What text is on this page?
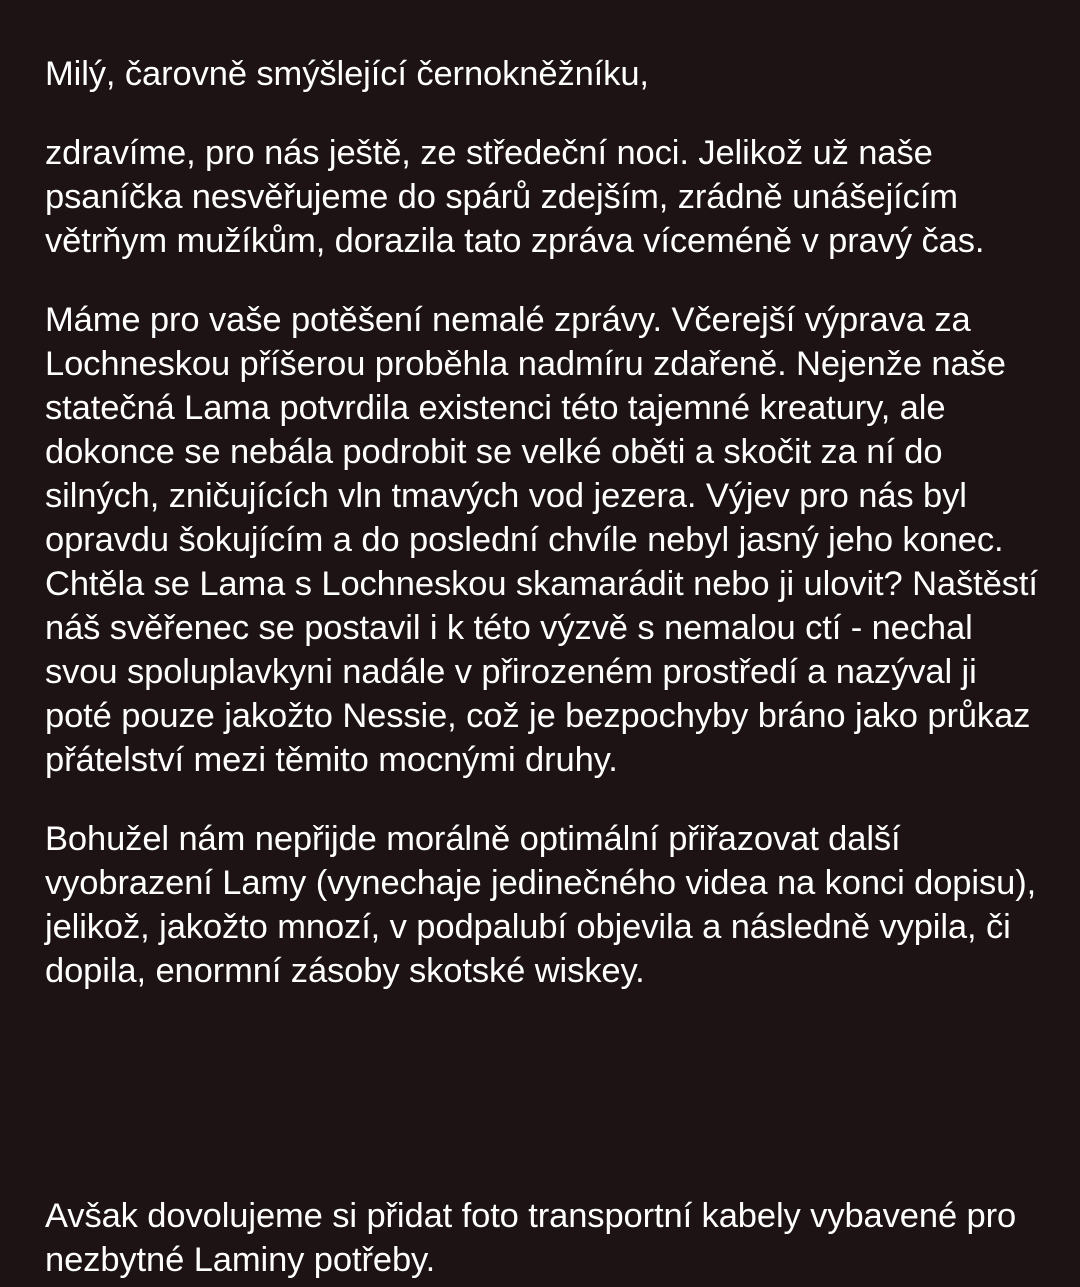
Milý, čarovně smýšlející černokněžníku,

zdravíme, pro nás ještě, ze středeční noci. Jelikož už naše psaníčka nesvěřujeme do spárů zdejším, zrádně unášejícím větrňym mužíkům, dorazila tato zpráva víceméně v pravý čas.

Máme pro vaše potěšení nemalé zprávy. Včerejší výprava za Lochneskou příšerou proběhla nadmíru zdařeně. Nejenže naše statečná Lama potvrdila existenci této tajemné kreatury, ale dokonce se nebála podrobit se velké oběti a skočit za ní do silných, zničujících vln tmavých vod jezera. Výjev pro nás byl opravdu šokujícím a do poslední chvíle nebyl jasný jeho konec. Chtěla se Lama s Lochneskou skamarádit nebo ji ulovit? Naštěstí náš svěřenec se postavil i k této výzvě s nemalou ctí - nechal svou spoluplavkyni nadále v přirozeném prostředí a nazýval ji poté pouze jakožto Nessie, což je bezpochyby bráno jako průkaz přátelství mezi těmito mocnými druhy.

Bohužel nám nepřijde morálně optimální přiřazovat další vyobrazení Lamy (vynechaje jedinečného videa na konci dopisu), jelikož, jakožto mnozí, v podpalubí objevila a následně vypila, či dopila, enormní zásoby skotské wiskey.

Avšak dovolujeme si přidat foto transportní kabely vybavené pro nezbytné Laminy potřeby.
